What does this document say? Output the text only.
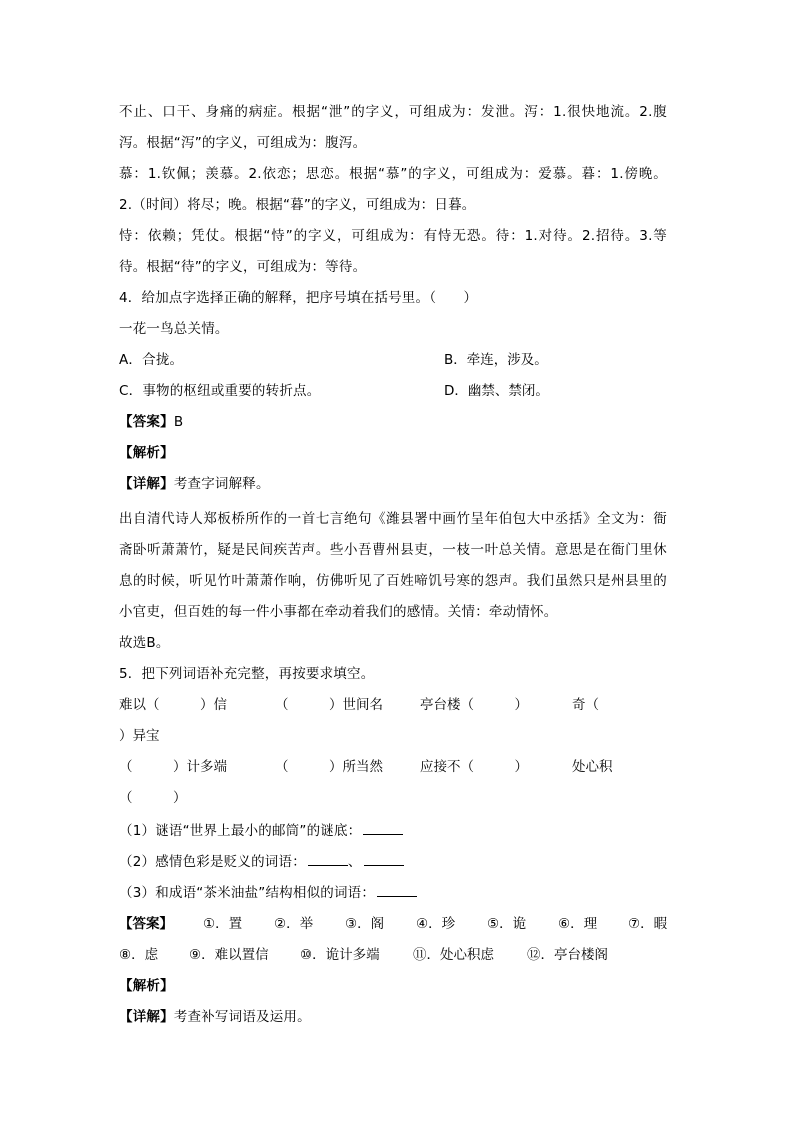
不止、口干、身痛的病症。根据“泄”的字义，可组成为：发泄。泻：1.很快地流。2.腹
泻。根据“泻”的字义，可组成为：腹泻。
慕：1.钦佩；羡慕。2.依恋；思恋。根据“慕”的字义，可组成为：爱慕。暮：1.傍晚。
2.（时间）将尽；晚。根据“暮”的字义，可组成为：日暮。
恃：依赖；凭仗。根据“恃”的字义，可组成为：有恃无恐。待：1.对待。2.招待。3.等
待。根据“待”的字义，可组成为：等待。
4．给加点字选择正确的解释，把序号填在括号里。（　　）
一花一鸟总关情。
A．合拢。	B．牵连，涉及。
C．事物的枢纽或重要的转折点。	D．幽禁、禁闭。
【答案】B
【解析】
【详解】考查字词解释。
出自清代诗人郑板桥所作的一首七言绝句《潍县署中画竹呈年伯包大中丞括》全文为：衙
斋卧听萧萧竹，疑是民间疾苦声。些小吾曹州县吏，一枝一叶总关情。意思是在衙门里休
息的时候，听见竹叶萧萧作响，仿佛听见了百姓啼饥号寒的怨声。我们虽然只是州县里的
小官吏，但百姓的每一件小事都在牵动着我们的感情。关情：牵动情怀。
故选B。
5．把下列词语补充完整，再按要求填空。
难以（　　　）信	（　　　）世间名	亭台楼（　　　）	奇（
）异宝
（　　　）计多端	（　　　）所当然	应接不（　　　）	处心积
（　　　）
（1）谜语“世界上最小的邮筒”的谜底：
（2）感情色彩是贬义的词语：	、
（3）和成语“茶米油盐”结构相似的词语：
【答案】 ①．置 ②．举 ③．阁 ④．珍 ⑤．诡 ⑥．理 ⑦．暇
⑧．虑 ⑨．难以置信 ⑩．诡计多端 ⑪．处心积虑 ⑫．亭台楼阁
【解析】
【详解】考查补写词语及运用。
